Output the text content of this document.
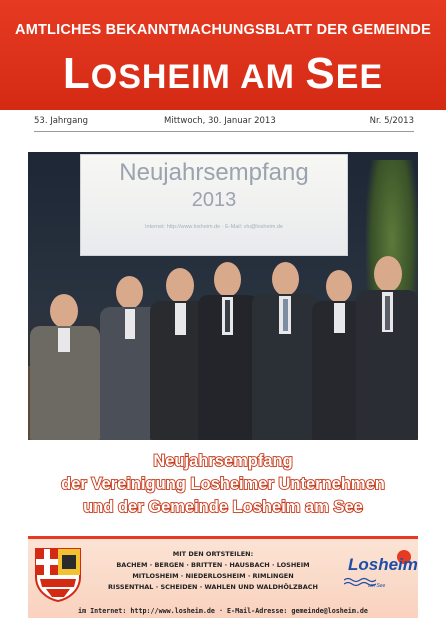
AMTLICHES BEKANNTMACHUNGSBLATT DER GEMEINDE
LOSHEIM AM SEE
53. Jahrgang	Mittwoch, 30. Januar 2013	Nr. 5/2013
Neujahrsempfang
2013
Internet: http://www.losheim.de · E-Mail: vlu@losheim.de
Neujahrsempfang
der Vereinigung Losheimer Unternehmen
und der Gemeinde Losheim am See
MIT DEN ORTSTEILEN:
BACHEM · BERGEN · BRITTEN · HAUSBACH · LOSHEIM
MITLOSHEIM · NIEDERLOSHEIM · RIMLINGEN
RISSENTHAL · SCHEIDEN · WAHLEN UND WALDHÖLZBACH
Losheim
am See
im Internet: http://www.losheim.de · E-Mail-Adresse: gemeinde@losheim.de
